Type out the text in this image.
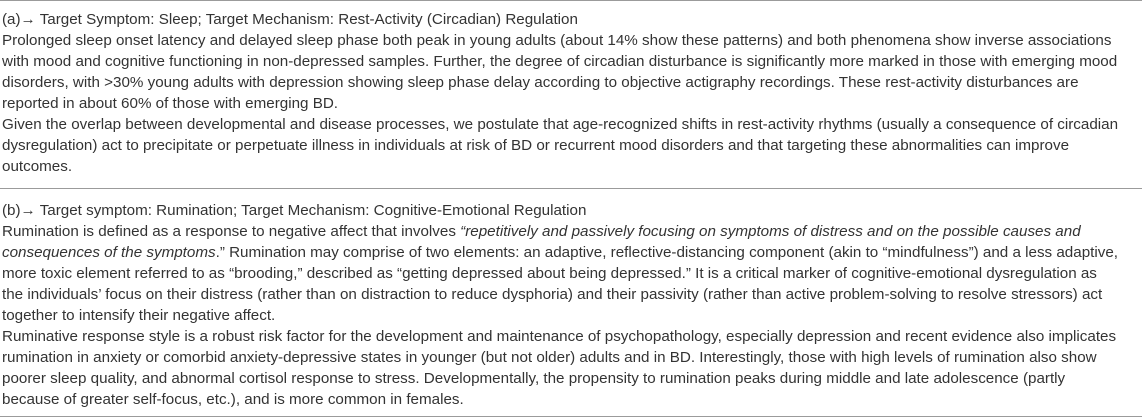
(a)→ Target Symptom: Sleep; Target Mechanism: Rest-Activity (Circadian) Regulation
Prolonged sleep onset latency and delayed sleep phase both peak in young adults (about 14% show these patterns) and both phenomena show inverse associations
with mood and cognitive functioning in non-depressed samples. Further, the degree of circadian disturbance is significantly more marked in those with emerging mood
disorders, with >30% young adults with depression showing sleep phase delay according to objective actigraphy recordings. These rest-activity disturbances are
reported in about 60% of those with emerging BD.
Given the overlap between developmental and disease processes, we postulate that age-recognized shifts in rest-activity rhythms (usually a consequence of circadian
dysregulation) act to precipitate or perpetuate illness in individuals at risk of BD or recurrent mood disorders and that targeting these abnormalities can improve
outcomes.
(b)→ Target symptom: Rumination; Target Mechanism: Cognitive-Emotional Regulation
Rumination is defined as a response to negative affect that involves “repetitively and passively focusing on symptoms of distress and on the possible causes and
consequences of the symptoms.” Rumination may comprise of two elements: an adaptive, reflective-distancing component (akin to “mindfulness”) and a less adaptive,
more toxic element referred to as “brooding,” described as “getting depressed about being depressed.” It is a critical marker of cognitive-emotional dysregulation as
the individuals’ focus on their distress (rather than on distraction to reduce dysphoria) and their passivity (rather than active problem-solving to resolve stressors) act
together to intensify their negative affect.
Ruminative response style is a robust risk factor for the development and maintenance of psychopathology, especially depression and recent evidence also implicates
rumination in anxiety or comorbid anxiety-depressive states in younger (but not older) adults and in BD. Interestingly, those with high levels of rumination also show
poorer sleep quality, and abnormal cortisol response to stress. Developmentally, the propensity to rumination peaks during middle and late adolescence (partly
because of greater self-focus, etc.), and is more common in females.
